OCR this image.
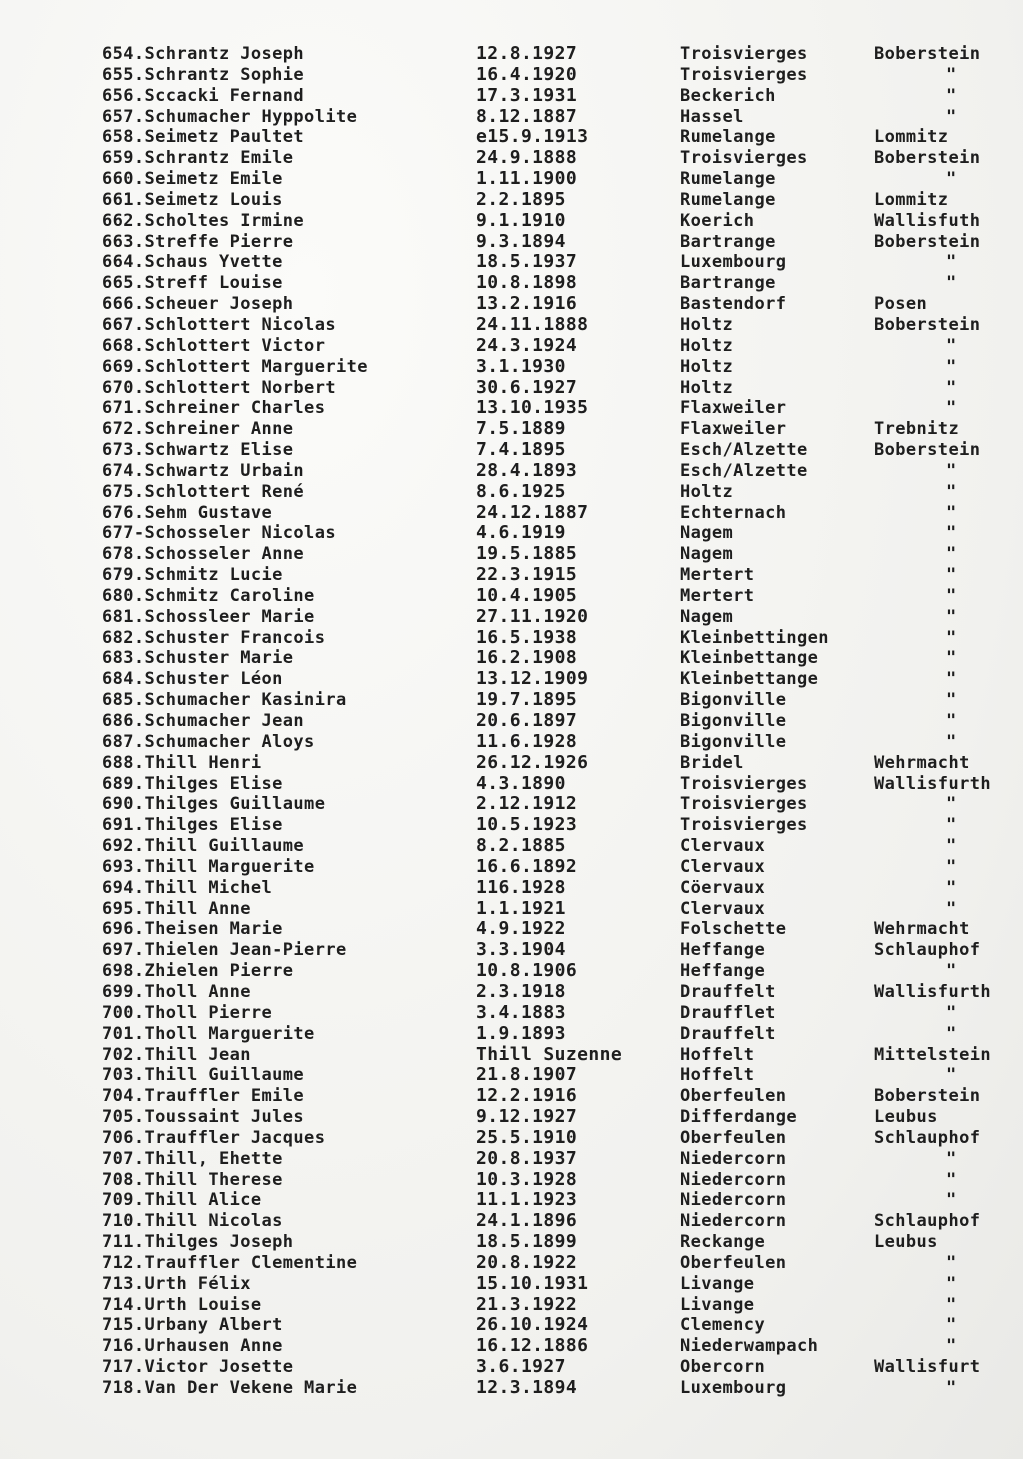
654.Schrantz Joseph	12.8.1927	Troisvierges	Boberstein
655.Schrantz Sophie	16.4.1920	Troisvierges	"
656.Sccacki Fernand	17.3.1931	Beckerich	"
657.Schumacher Hyppolite	8.12.1887	Hassel	"
658.Seimetz Paultet	e15.9.1913	Rumelange	Lommitz
659.Schrantz Emile	24.9.1888	Troisvierges	Boberstein
660.Seimetz Emile	1.11.1900	Rumelange	"
661.Seimetz Louis	2.2.1895	Rumelange	Lommitz
662.Scholtes Irmine	9.1.1910	Koerich	Wallisfuth
663.Streffe Pierre	9.3.1894	Bartrange	Boberstein
664.Schaus Yvette	18.5.1937	Luxembourg	"
665.Streff Louise	10.8.1898	Bartrange	"
666.Scheuer Joseph	13.2.1916	Bastendorf	Posen
667.Schlottert Nicolas	24.11.1888	Holtz	Boberstein
668.Schlottert Victor	24.3.1924	Holtz	"
669.Schlottert Marguerite	3.1.1930	Holtz	"
670.Schlottert Norbert	30.6.1927	Holtz	"
671.Schreiner Charles	13.10.1935	Flaxweiler	"
672.Schreiner Anne	7.5.1889	Flaxweiler	Trebnitz
673.Schwartz Elise	7.4.1895	Esch/Alzette	Boberstein
674.Schwartz Urbain	28.4.1893	Esch/Alzette	"
675.Schlottert René	8.6.1925	Holtz	"
676.Sehm Gustave	24.12.1887	Echternach	"
677-Schosseler Nicolas	4.6.1919	Nagem	"
678.Schosseler Anne	19.5.1885	Nagem	"
679.Schmitz Lucie	22.3.1915	Mertert	"
680.Schmitz Caroline	10.4.1905	Mertert	"
681.Schossleer Marie	27.11.1920	Nagem	"
682.Schuster Francois	16.5.1938	Kleinbettingen	"
683.Schuster Marie	16.2.1908	Kleinbettange	"
684.Schuster Léon	13.12.1909	Kleinbettange	"
685.Schumacher Kasinira	19.7.1895	Bigonville	"
686.Schumacher Jean	20.6.1897	Bigonville	"
687.Schumacher Aloys	11.6.1928	Bigonville	"
688.Thill Henri	26.12.1926	Bridel	Wehrmacht
689.Thilges Elise	4.3.1890	Troisvierges	Wallisfurth
690.Thilges Guillaume	2.12.1912	Troisvierges	"
691.Thilges Elise	10.5.1923	Troisvierges	"
692.Thill Guillaume	8.2.1885	Clervaux	"
693.Thill Marguerite	16.6.1892	Clervaux	"
694.Thill Michel	116.1928	Cöervaux	"
695.Thill Anne	1.1.1921	Clervaux	"
696.Theisen Marie	4.9.1922	Folschette	Wehrmacht
697.Thielen Jean-Pierre	3.3.1904	Heffange	Schlauphof
698.Zhielen Pierre	10.8.1906	Heffange	"
699.Tholl Anne	2.3.1918	Drauffelt	Wallisfurth
700.Tholl Pierre	3.4.1883	Draufflet	"
701.Tholl Marguerite	1.9.1893	Drauffelt	"
702.Thill Jean	Thill Suzenne	Hoffelt	Mittelstein
703.Thill Guillaume	21.8.1907	Hoffelt	"
704.Trauffler Emile	12.2.1916	Oberfeulen	Boberstein
705.Toussaint Jules	9.12.1927	Differdange	Leubus
706.Trauffler Jacques	25.5.1910	Oberfeulen	Schlauphof
707.Thill, Ehette	20.8.1937	Niedercorn	"
708.Thill Therese	10.3.1928	Niedercorn	"
709.Thill Alice	11.1.1923	Niedercorn	"
710.Thill Nicolas	24.1.1896	Niedercorn	Schlauphof
711.Thilges Joseph	18.5.1899	Reckange	Leubus
712.Trauffler Clementine	20.8.1922	Oberfeulen	"
713.Urth Félix	15.10.1931	Livange	"
714.Urth Louise	21.3.1922	Livange	"
715.Urbany Albert	26.10.1924	Clemency	"
716.Urhausen Anne	16.12.1886	Niederwampach	"
717.Victor Josette	3.6.1927	Obercorn	Wallisfurt
718.Van Der Vekene Marie	12.3.1894	Luxembourg	"
